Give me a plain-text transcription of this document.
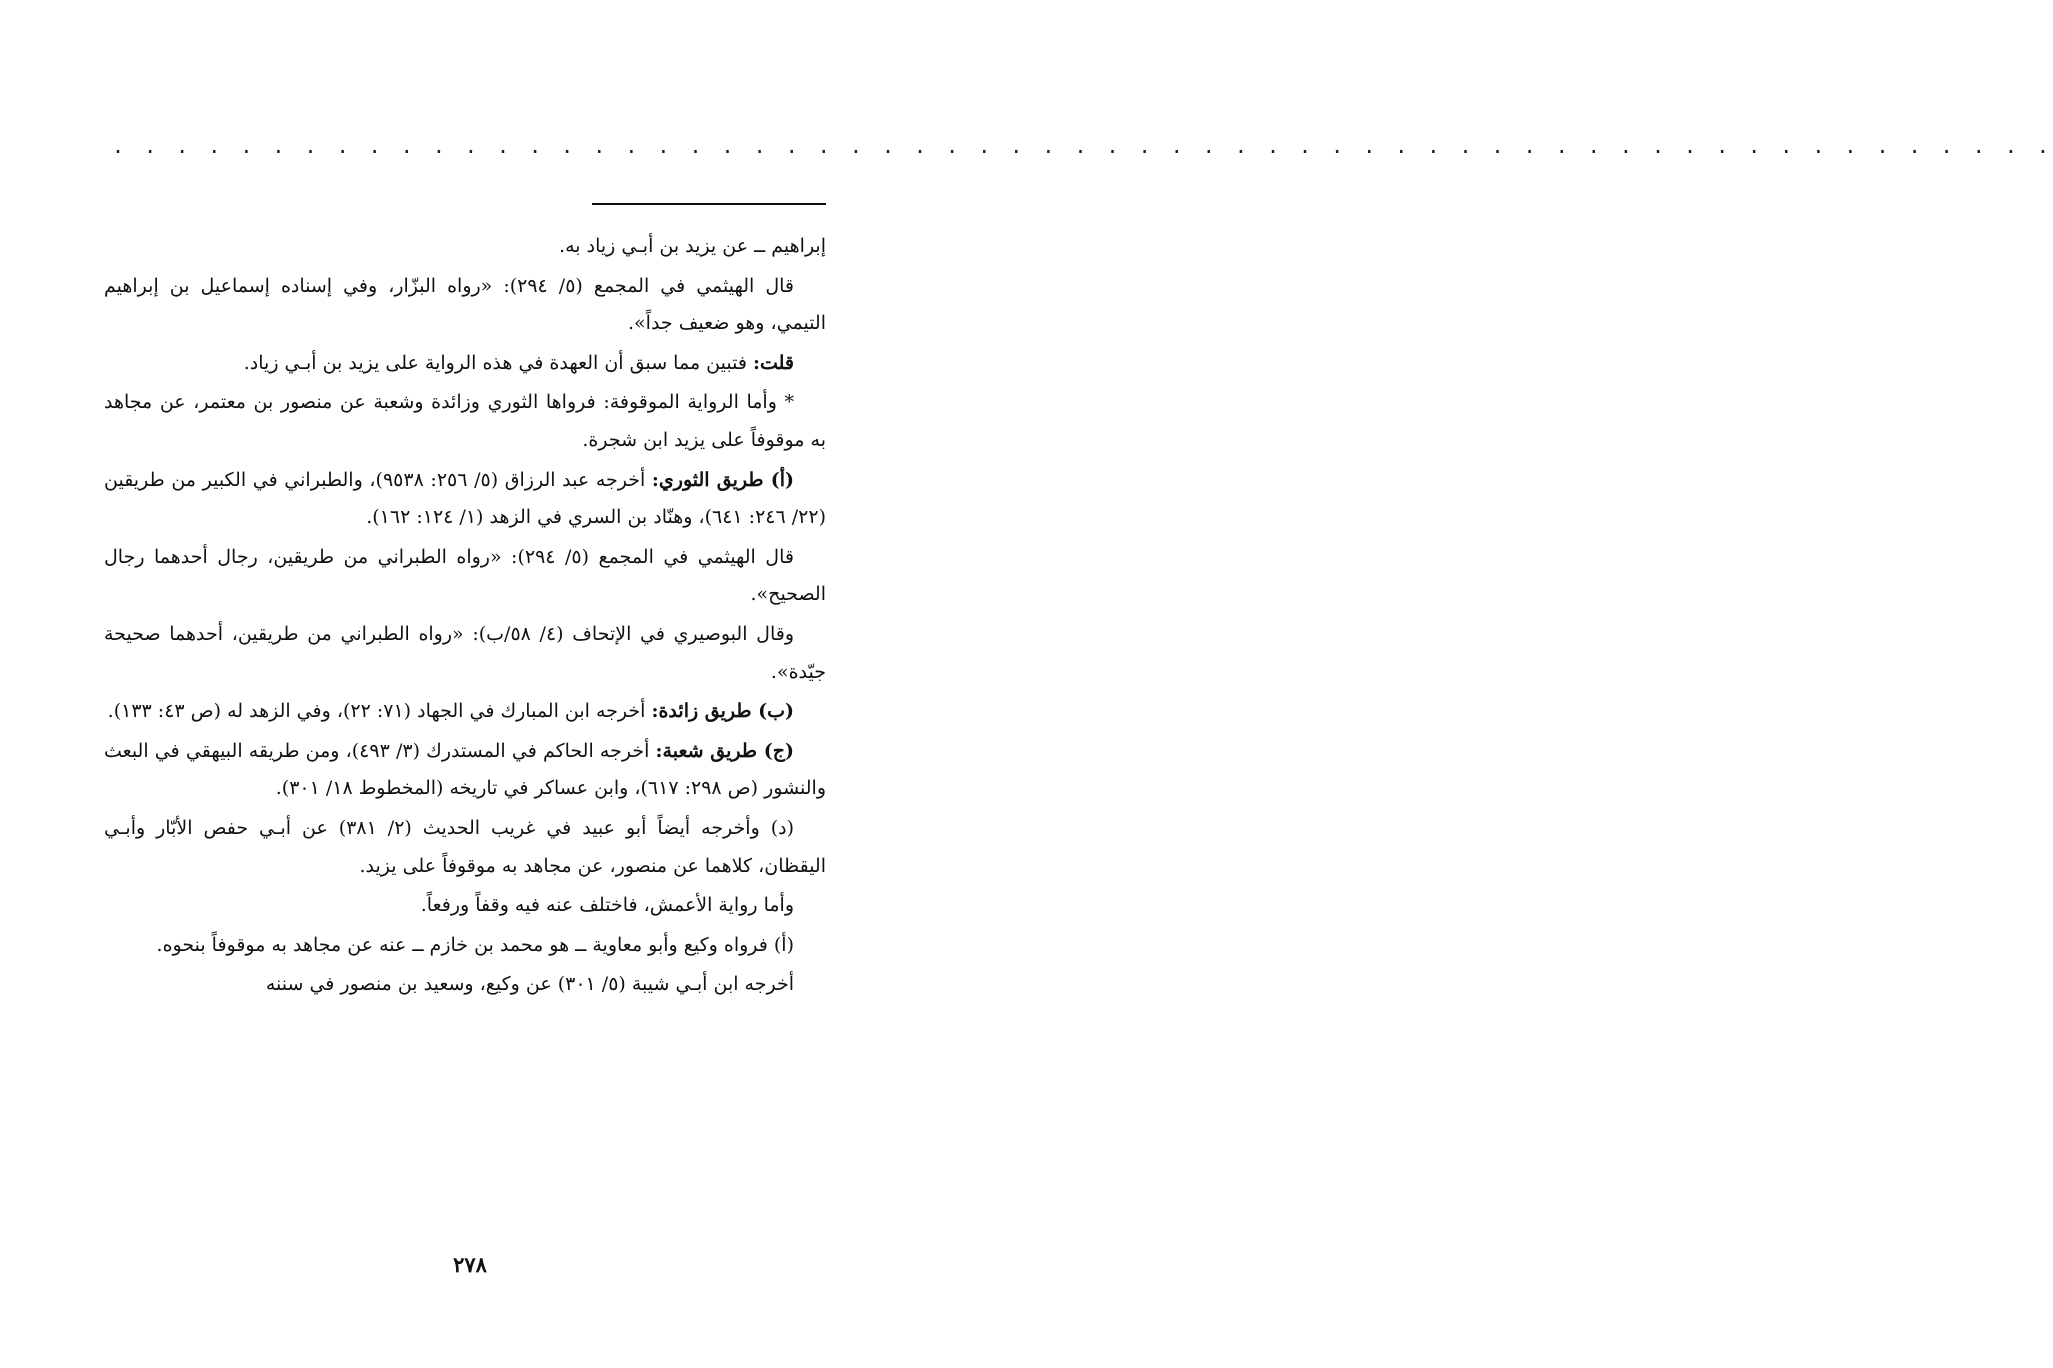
. . . . . . . . . . . . . . . . . . . . . . . . . . . . . . . . . . . . . . . . . . . . . . . . . . . . . . . . . . . . .

إبراهيم ــ عن يزيد بن أبـي زياد به.

قال الهيثمي في المجمع (٥/ ٢٩٤): «رواه البزّار، وفي إسناده إسماعيل بن إبراهيم التيمي، وهو ضعيف جداً».

قلت: فتبين مما سبق أن العهدة في هذه الرواية على يزيد بن أبـي زياد.

* وأما الرواية الموقوفة: فرواها الثوري وزائدة وشعبة عن منصور بن معتمر، عن مجاهد به موقوفاً على يزيد ابن شجرة.

(أ) طريق الثوري: أخرجه عبد الرزاق (٥/ ٢٥٦: ٩٥٣٨)، والطبراني في الكبير من طريقين (٢٢/ ٢٤٦: ٦٤١)، وهنّاد بن السري في الزهد (١/ ١٢٤: ١٦٢).

قال الهيثمي في المجمع (٥/ ٢٩٤): «رواه الطبراني من طريقين، رجال أحدهما رجال الصحيح».

وقال البوصيري في الإتحاف (٤/ ٥٨/ب): «رواه الطبراني من طريقين، أحدهما صحيحة جيّدة».

(ب) طريق زائدة: أخرجه ابن المبارك في الجهاد (٧١: ٢٢)، وفي الزهد له (ص ٤٣: ١٣٣).

(ج) طريق شعبة: أخرجه الحاكم في المستدرك (٣/ ٤٩٣)، ومن طريقه البيهقي في البعث والنشور (ص ٢٩٨: ٦١٧)، وابن عساكر في تاريخه (المخطوط ١٨/ ٣٠١).

(د) وأخرجه أيضاً أبو عبيد في غريب الحديث (٢/ ٣٨١) عن أبـي حفص الأبّار وأبـي اليقظان، كلاهما عن منصور، عن مجاهد به موقوفاً على يزيد.

وأما رواية الأعمش، فاختلف عنه فيه وقفاً ورفعاً.

(أ) فرواه وكيع وأبو معاوية ــ هو محمد بن خازم ــ عنه عن مجاهد به موقوفاً بنحوه.

أخرجه ابن أبـي شيبة (٥/ ٣٠١) عن وكيع، وسعيد بن منصور في سننه

٢٧٨
